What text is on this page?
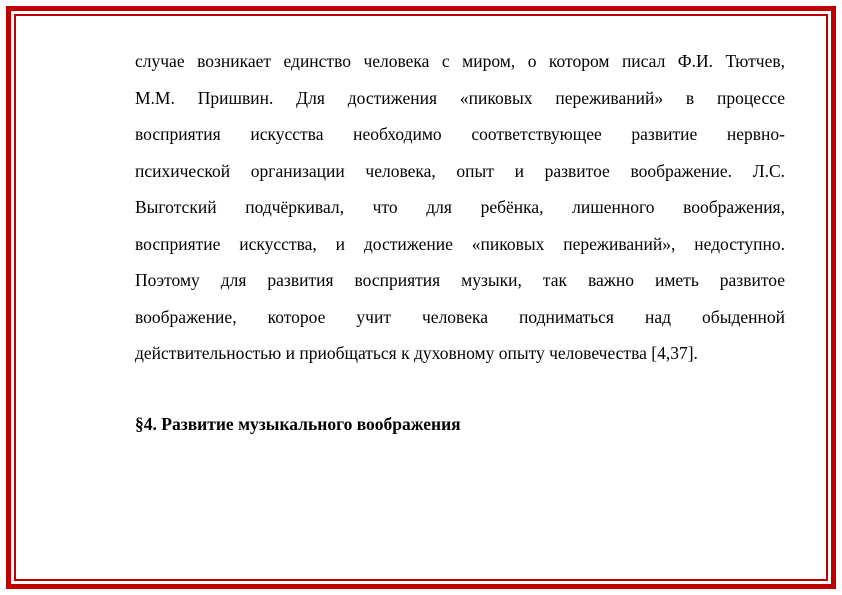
случае возникает единство человека с миром, о котором писал Ф.И. Тютчев,
М.М. Пришвин. Для достижения «пиковых переживаний» в процессе
восприятия искусства необходимо соответствующее развитие нервно-
психической организации человека, опыт и развитое воображение. Л.С.
Выготский подчёркивал, что для ребёнка, лишенного воображения,
восприятие искусства, и достижение «пиковых переживаний», недоступно.
Поэтому для развития восприятия музыки, так важно иметь развитое
воображение, которое учит человека подниматься над обыденной
действительностью и приобщаться к духовному опыту человечества [4,37].
§4. Развитие музыкального воображения
